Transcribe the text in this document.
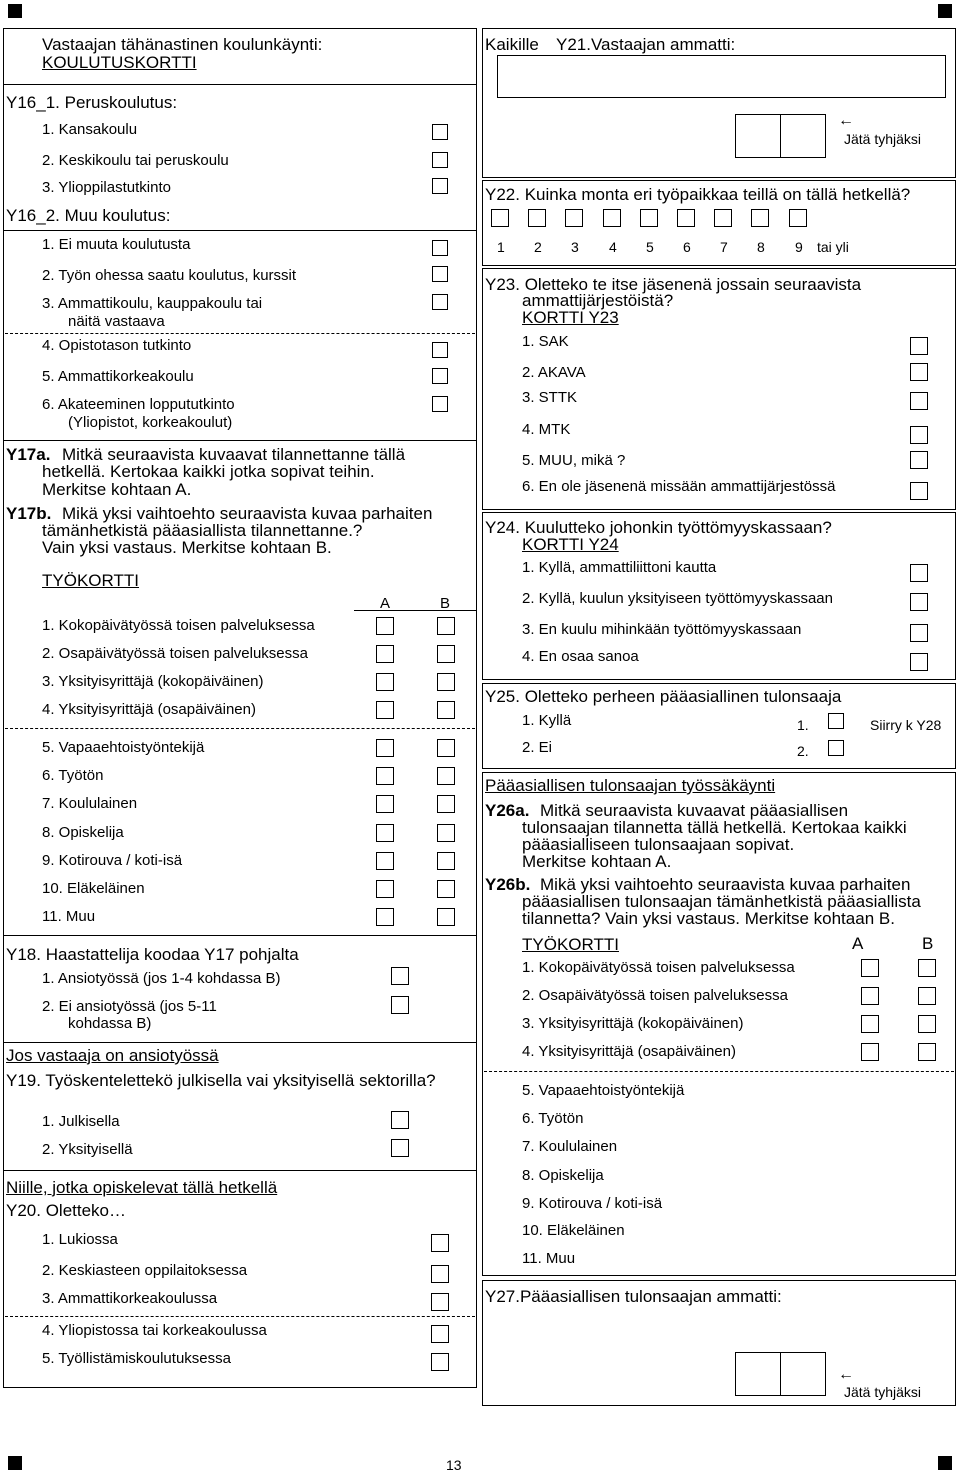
Vastaajan tähänastinen koulunkäynti:
KOULUTUSKORTTI
Y16_1. Peruskoulutus:
1. Kansakoulu
2. Keskikoulu tai peruskoulu
3. Ylioppilastutkinto
Y16_2. Muu koulutus:
1. Ei muuta koulutusta
2. Työn ohessa saatu koulutus, kurssit
3. Ammattikoulu, kauppakoulu tai
näitä vastaava
4. Opistotason tutkinto
5. Ammattikorkeakoulu
6. Akateeminen loppututkinto
(Yliopistot, korkeakoulut)
Y17a. Mitkä seuraavista kuvaavat tilannettanne tällä
hetkellä. Kertokaa kaikki jotka sopivat teihin.
Merkitse kohtaan A.
Y17b. Mikä yksi vaihtoehto seuraavista kuvaa parhaiten
tämänhetkistä pääasiallista tilannettanne.?
Vain yksi vastaus. Merkitse kohtaan B.
TYÖKORTTI
A	B
1. Kokopäivätyössä toisen palveluksessa
2. Osapäivätyössä toisen palveluksessa
3. Yksityisyrittäjä (kokopäiväinen)
4. Yksityisyrittäjä (osapäiväinen)
5. Vapaaehtoistyöntekijä
6. Työtön
7. Koululainen
8. Opiskelija
9. Kotirouva / koti-isä
10. Eläkeläinen
11. Muu
Y18. Haastattelija koodaa Y17 pohjalta
1. Ansiotyössä (jos 1-4 kohdassa B)
2. Ei ansiotyössä (jos 5-11
kohdassa B)
Jos vastaaja on ansiotyössä
Y19. Työskentelettekö julkisella vai yksityisellä sektorilla?
1. Julkisella
2. Yksityisellä
Niille, jotka opiskelevat tällä hetkellä
Y20. Oletteko…
1. Lukiossa
2. Keskiasteen oppilaitoksessa
3. Ammattikorkeakoulussa
4. Yliopistossa tai korkeakoulussa
5. Työllistämiskoulutuksessa
Kaikille Y21.Vastaajan ammatti:
←
Jätä tyhjäksi
Y22. Kuinka monta eri työpaikkaa teillä on tällä hetkellä?
1 2 3 4 5 6 7 8 9 tai yli
Y23. Oletteko te itse jäsenenä jossain seuraavista
ammattijärjestöistä?
KORTTI Y23
1. SAK
2. AKAVA
3. STTK
4. MTK
5. MUU, mikä ?
6. En ole jäsenenä missään ammattijärjestössä
Y24. Kuulutteko johonkin työttömyyskassaan?
KORTTI Y24
1. Kyllä, ammattiliittoni kautta
2. Kyllä, kuulun yksityiseen työttömyyskassaan
3. En kuulu mihinkään työttömyyskassaan
4. En osaa sanoa
Y25. Oletteko perheen pääasiallinen tulonsaaja
1. Kyllä
2. Ei
1.	Siirry k Y28
2.
Pääasiallisen tulonsaajan työssäkäynti
Y26a. Mitkä seuraavista kuvaavat pääasiallisen
tulonsaajan tilannetta tällä hetkellä. Kertokaa kaikki
pääasialliseen tulonsaajaan sopivat.
Merkitse kohtaan A.
Y26b. Mikä yksi vaihtoehto seuraavista kuvaa parhaiten
pääasiallisen tulonsaajan tämänhetkistä pääasiallista
tilannetta? Vain yksi vastaus. Merkitse kohtaan B.
TYÖKORTTI	A	B
1. Kokopäivätyössä toisen palveluksessa
2. Osapäivätyössä toisen palveluksessa
3. Yksityisyrittäjä (kokopäiväinen)
4. Yksityisyrittäjä (osapäiväinen)
5. Vapaaehtoistyöntekijä
6. Työtön
7. Koululainen
8. Opiskelija
9. Kotirouva / koti-isä
10. Eläkeläinen
11. Muu
Y27.Pääasiallisen tulonsaajan ammatti:
←
Jätä tyhjäksi
13
